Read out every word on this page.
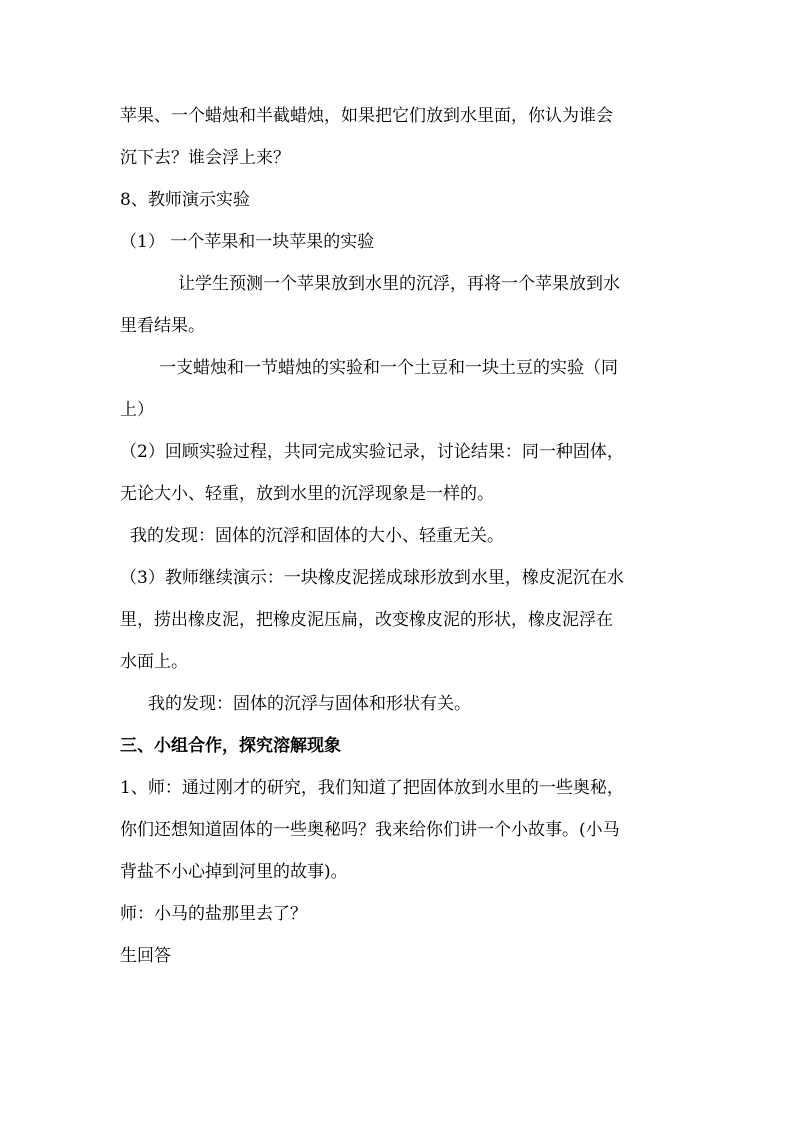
苹果、一个蜡烛和半截蜡烛，如果把它们放到水里面，你认为谁会
沉下去？谁会浮上来？
8、教师演示实验
（1） 一个苹果和一块苹果的实验
让学生预测一个苹果放到水里的沉浮，再将一个苹果放到水
里看结果。
一支蜡烛和一节蜡烛的实验和一个土豆和一块土豆的实验（同
上）
（2）回顾实验过程，共同完成实验记录，讨论结果：同一种固体，
无论大小、轻重，放到水里的沉浮现象是一样的。
我的发现：固体的沉浮和固体的大小、轻重无关。
（3）教师继续演示：一块橡皮泥搓成球形放到水里，橡皮泥沉在水
里，捞出橡皮泥，把橡皮泥压扁，改变橡皮泥的形状，橡皮泥浮在
水面上。
我的发现：固体的沉浮与固体和形状有关。
三、小组合作，探究溶解现象
1、师：通过刚才的研究，我们知道了把固体放到水里的一些奥秘，
你们还想知道固体的一些奥秘吗？我来给你们讲一个小故事。(小马
背盐不小心掉到河里的故事)。
师：小马的盐那里去了？
生回答
